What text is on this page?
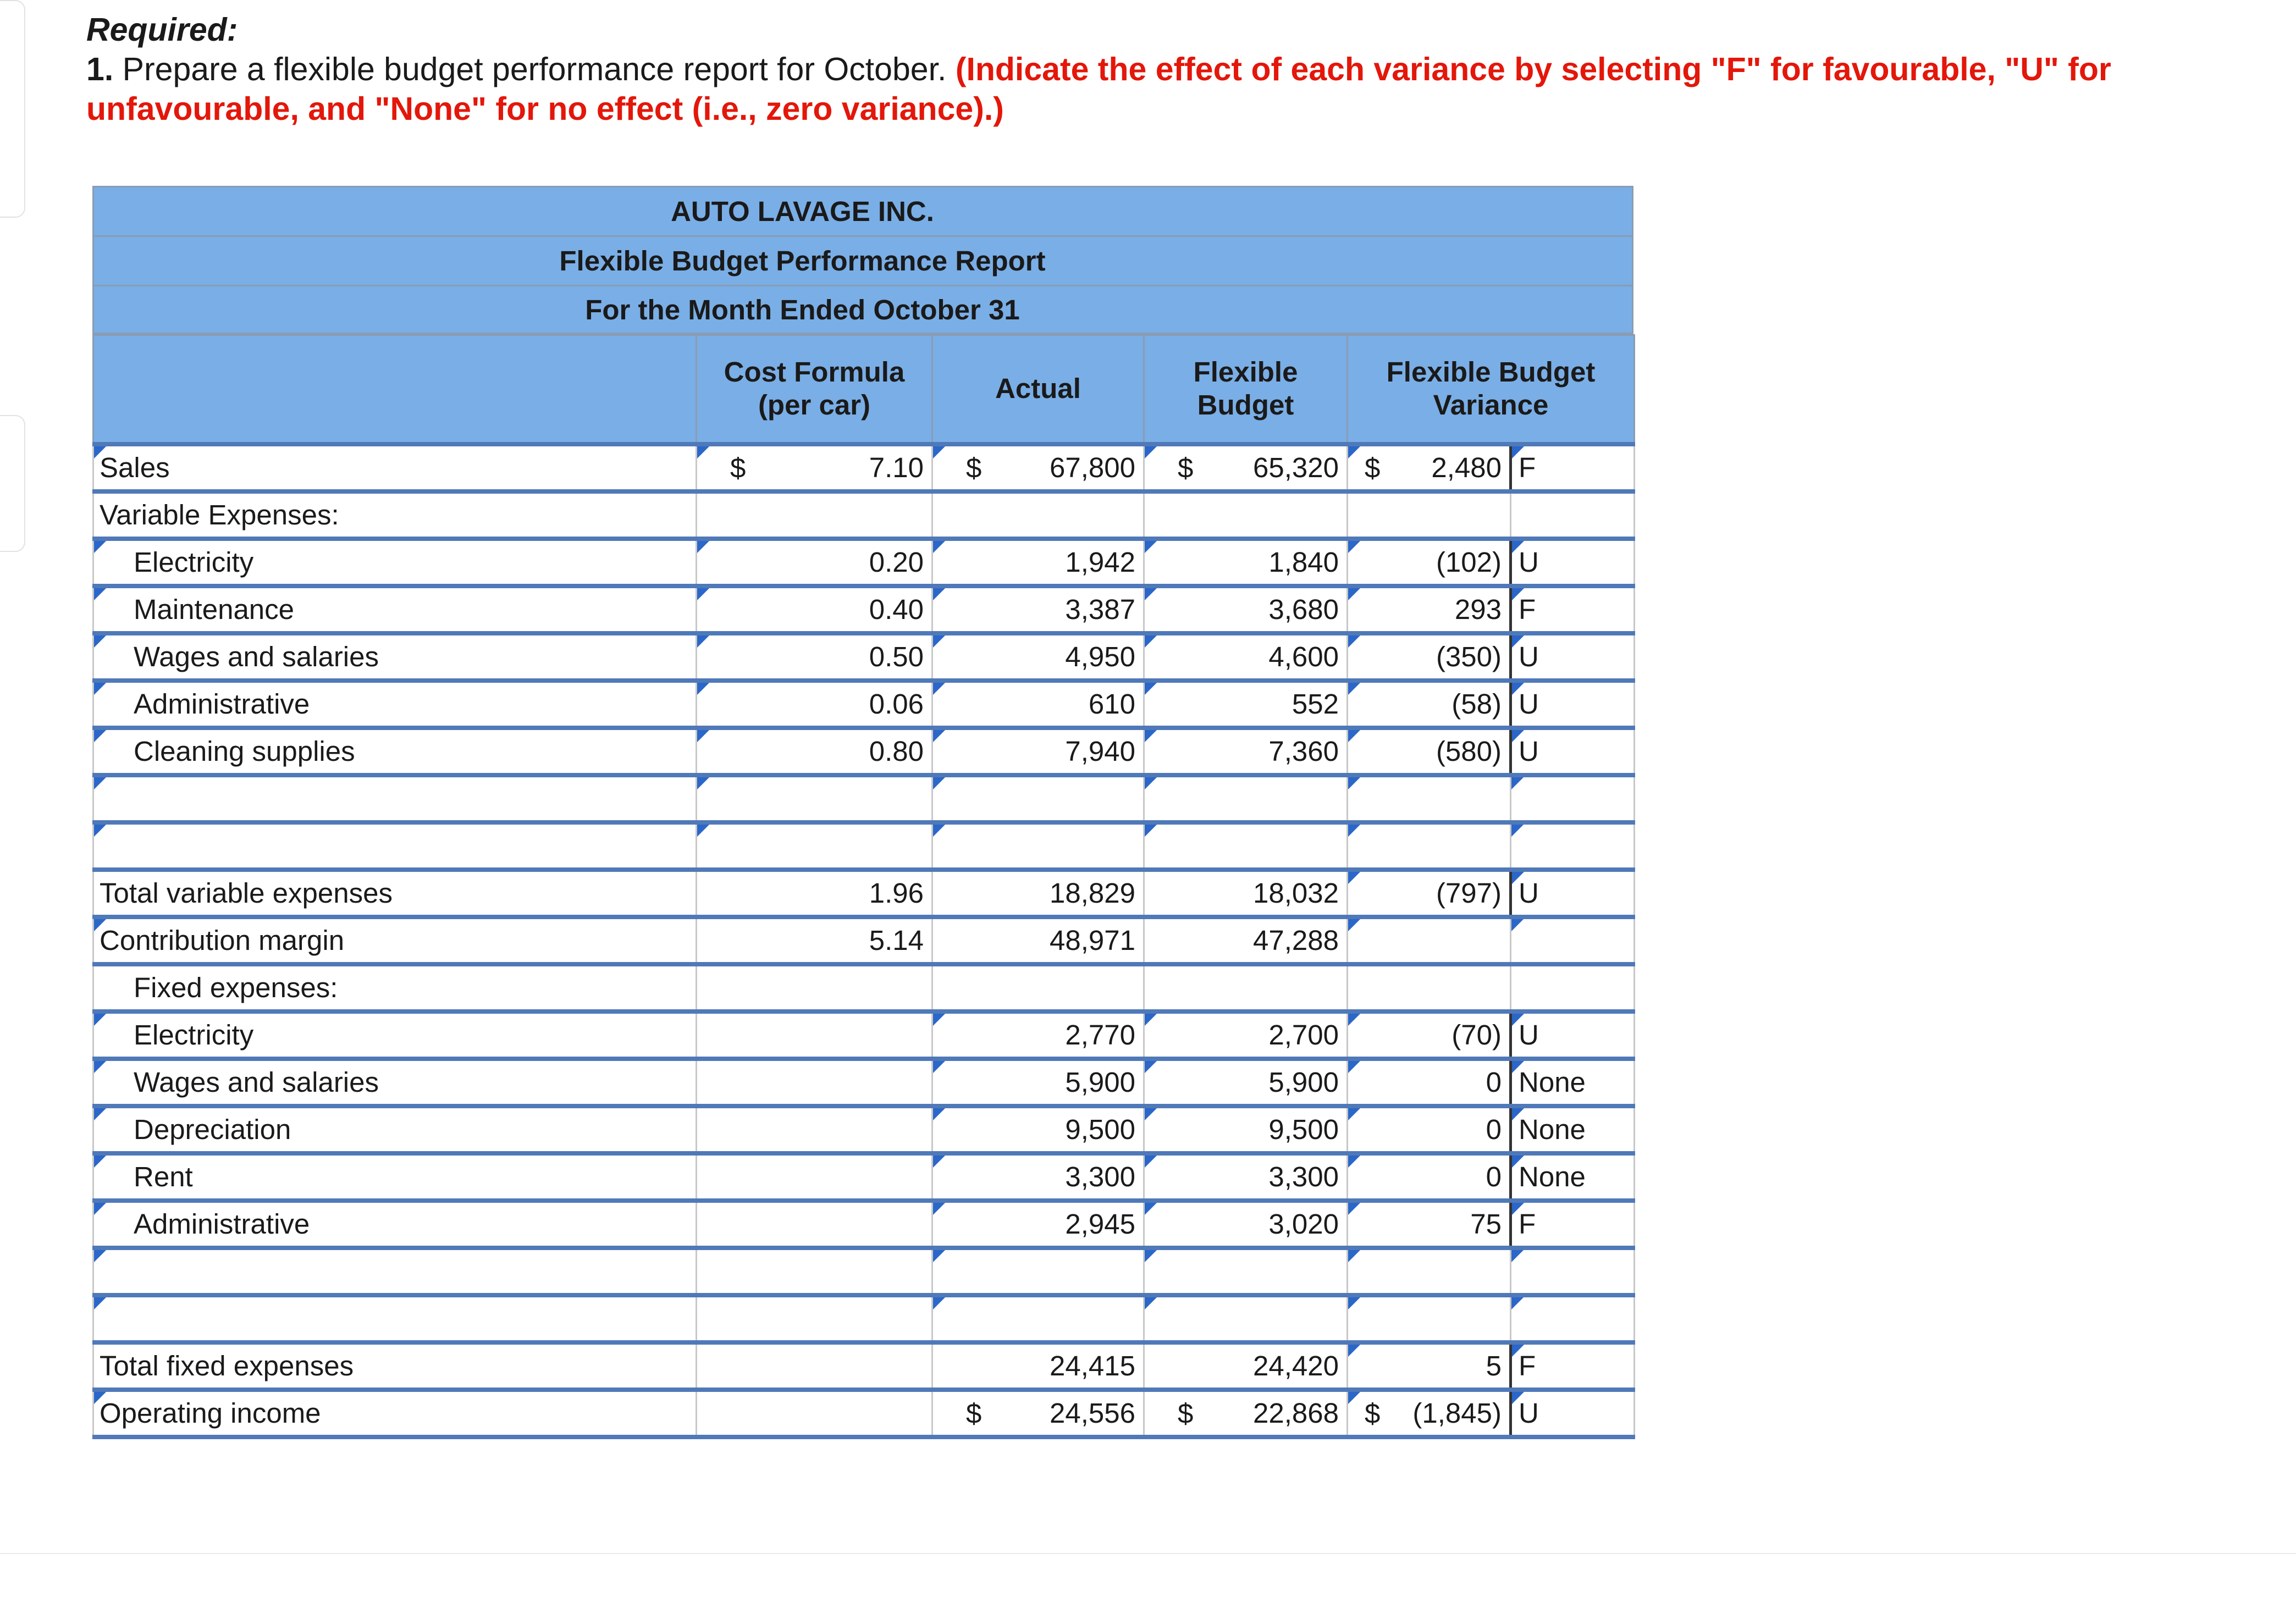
Required:
1. Prepare a flexible budget performance report for October. (Indicate the effect of each variance by selecting "F" for favourable, "U" for unfavourable, and "None" for no effect (i.e., zero variance).)
AUTO LAVAGE INC.
Flexible Budget Performance Report
For the Month Ended October 31
	Cost Formula (per car)	Actual	Flexible Budget	Flexible Budget Variance	
Sales	$ 7.10	$ 67,800	$ 65,320	$ 2,480	F
Variable Expenses:					
Electricity	0.20	1,942	1,840	(102)	U
Maintenance	0.40	3,387	3,680	293	F
Wages and salaries	0.50	4,950	4,600	(350)	U
Administrative	0.06	610	552	(58)	U
Cleaning supplies	0.80	7,940	7,360	(580)	U

Total variable expenses	1.96	18,829	18,032	(797)	U
Contribution margin	5.14	48,971	47,288		
Fixed expenses:					
Electricity		2,770	2,700	(70)	U
Wages and salaries		5,900	5,900	0	None
Depreciation		9,500	9,500	0	None
Rent		3,300	3,300	0	None
Administrative		2,945	3,020	75	F

Total fixed expenses		24,415	24,420	5	F
Operating income		$ 24,556	$ 22,868	$ (1,845)	U
